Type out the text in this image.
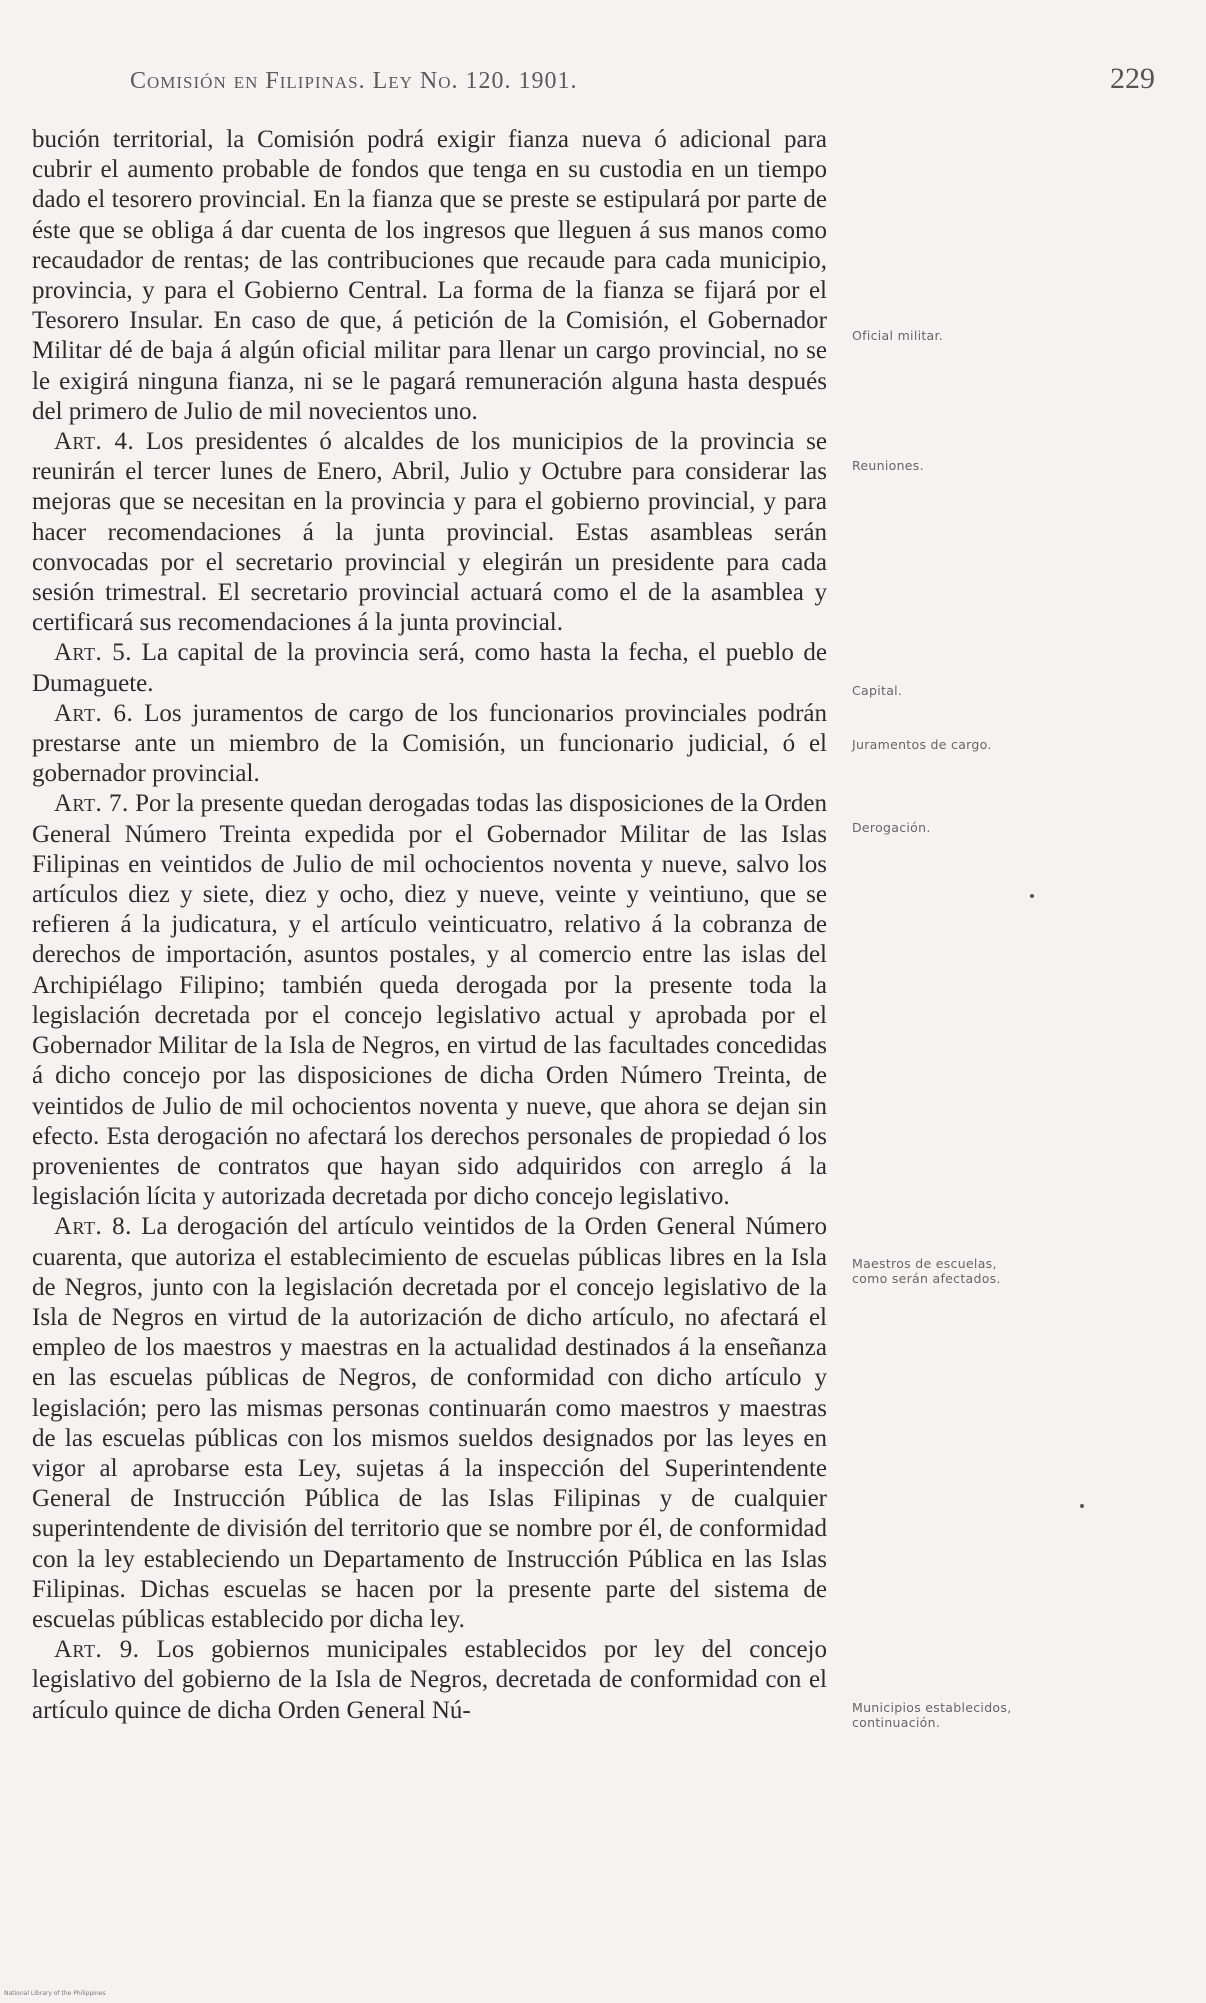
Comisión en Filipinas. Ley No. 120. 1901.	229

bución territorial, la Comisión podrá exigir fianza nueva ó adicional para cubrir el aumento probable de fondos que tenga en su custodia en un tiempo dado el tesorero provincial. En la fianza que se preste se estipulará por parte de éste que se obliga á dar cuenta de los ingresos que lleguen á sus manos como recaudador de rentas; de las contribuciones que recaude para cada municipio, provincia, y para el Gobierno Central. La forma de la fianza se fijará por el Tesorero Insular. En caso de que, á petición de la Comisión, el Gobernador Militar dé de baja á algún oficial militar para llenar un cargo provincial, no se le exigirá ninguna fianza, ni se le pagará remuneración alguna hasta después del primero de Julio de mil novecientos uno.

Art. 4. Los presidentes ó alcaldes de los municipios de la provincia se reunirán el tercer lunes de Enero, Abril, Julio y Octubre para considerar las mejoras que se necesitan en la provincia y para el gobierno provincial, y para hacer recomendaciones á la junta provincial. Estas asambleas serán convocadas por el secretario provincial y elegirán un presidente para cada sesión trimestral. El secretario provincial actuará como el de la asamblea y certificará sus recomendaciones á la junta provincial.

Art. 5. La capital de la provincia será, como hasta la fecha, el pueblo de Dumaguete.

Art. 6. Los juramentos de cargo de los funcionarios provinciales podrán prestarse ante un miembro de la Comisión, un funcionario judicial, ó el gobernador provincial.

Art. 7. Por la presente quedan derogadas todas las disposiciones de la Orden General Número Treinta expedida por el Gobernador Militar de las Islas Filipinas en veintidos de Julio de mil ochocientos noventa y nueve, salvo los artículos diez y siete, diez y ocho, diez y nueve, veinte y veintiuno, que se refieren á la judicatura, y el artículo veinticuatro, relativo á la cobranza de derechos de importación, asuntos postales, y al comercio entre las islas del Archipiélago Filipino; también queda derogada por la presente toda la legislación decretada por el concejo legislativo actual y aprobada por el Gobernador Militar de la Isla de Negros, en virtud de las facultades concedidas á dicho concejo por las disposiciones de dicha Orden Número Treinta, de veintidos de Julio de mil ochocientos noventa y nueve, que ahora se dejan sin efecto. Esta derogación no afectará los derechos personales de propiedad ó los provenientes de contratos que hayan sido adquiridos con arreglo á la legislación lícita y autorizada decretada por dicho concejo legislativo.

Art. 8. La derogación del artículo veintidos de la Orden General Número cuarenta, que autoriza el establecimiento de escuelas públicas libres en la Isla de Negros, junto con la legislación decretada por el concejo legislativo de la Isla de Negros en virtud de la autorización de dicho artículo, no afectará el empleo de los maestros y maestras en la actualidad destinados á la enseñanza en las escuelas públicas de Negros, de conformidad con dicho artículo y legislación; pero las mismas personas continuarán como maestros y maestras de las escuelas públicas con los mismos sueldos designados por las leyes en vigor al aprobarse esta Ley, sujetas á la inspección del Superintendente General de Instrucción Pública de las Islas Filipinas y de cualquier superintendente de división del territorio que se nombre por él, de conformidad con la ley estableciendo un Departamento de Instrucción Pública en las Islas Filipinas. Dichas escuelas se hacen por la presente parte del sistema de escuelas públicas establecido por dicha ley.

Art. 9. Los gobiernos municipales establecidos por ley del concejo legislativo del gobierno de la Isla de Negros, decretada de conformidad con el artículo quince de dicha Orden General Nú-

Oficial militar.
Reuniones.
Capital.
Juramentos de cargo.
Derogación.
Maestros de escuelas, como serán afectados.
Municipios establecidos, continuación.
National Library of the Philippines
